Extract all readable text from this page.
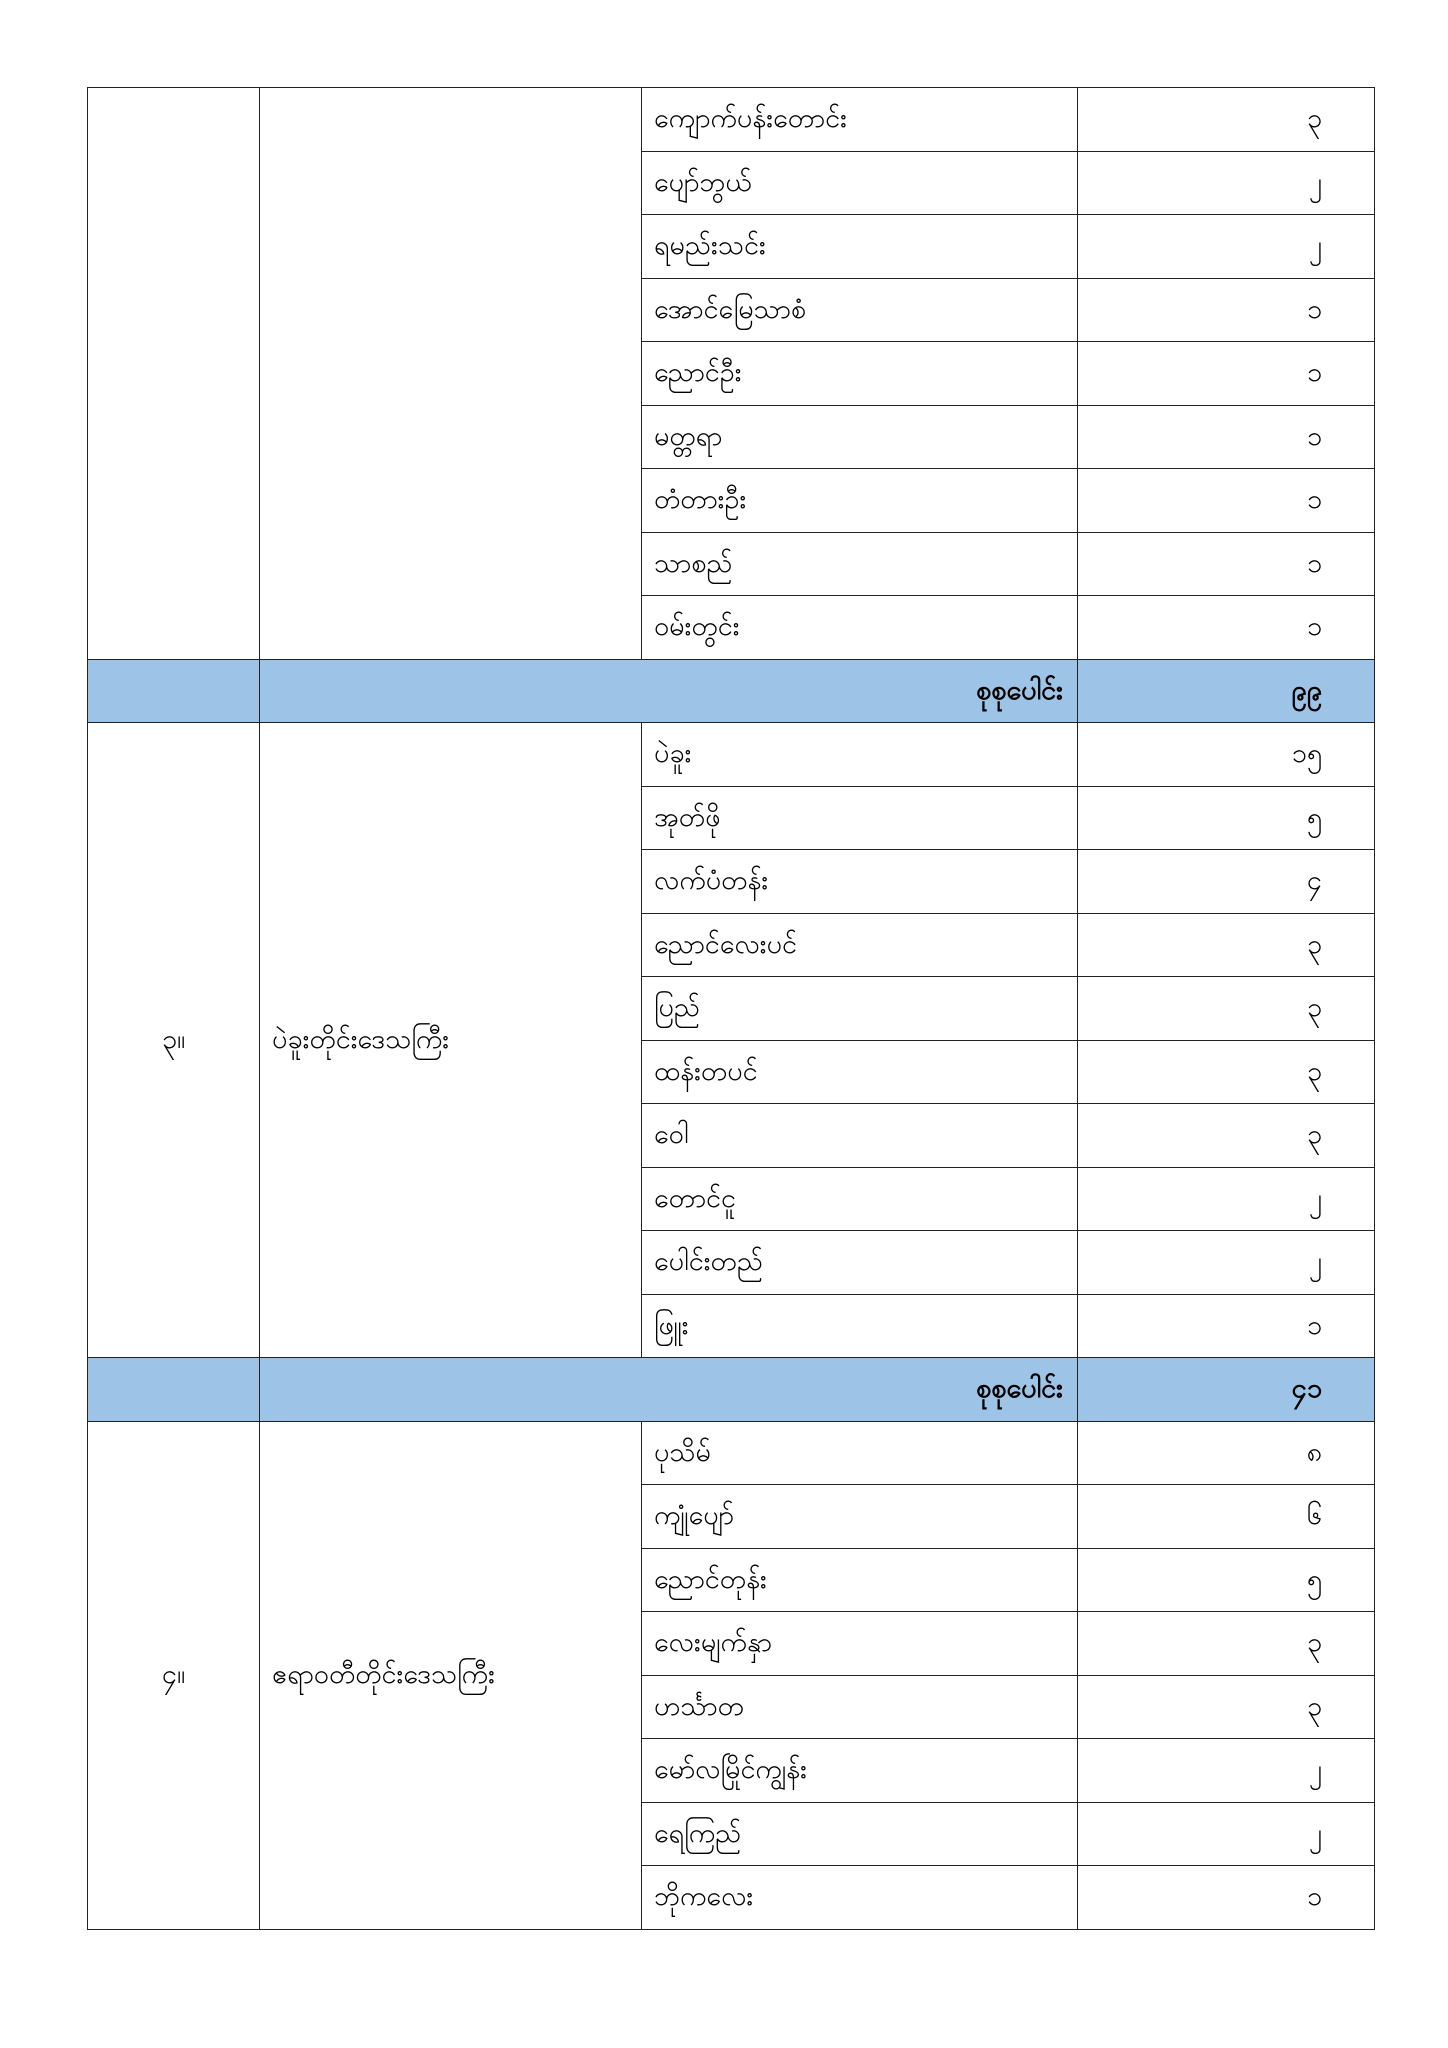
		ကျောက်ပန်းတောင်း	၃
		ပျော်ဘွယ်	၂
		ရမည်းသင်း	၂
		အောင်မြေသာစံ	၁
		ညောင်ဦး	၁
		မတ္တရာ	၁
		တံတားဦး	၁
		သာစည်	၁
		ဝမ်းတွင်း	၁
	စုစုပေါင်း		၉၉
၃။	ပဲခူးတိုင်းဒေသကြီး	ပဲခူး	၁၅
		အုတ်ဖို	၅
		လက်ပံတန်း	၄
		ညောင်လေးပင်	၃
		ပြည်	၃
		ထန်းတပင်	၃
		ဝေါ	၃
		တောင်ငူ	၂
		ပေါင်းတည်	၂
		ဖြူး	၁
	စုစုပေါင်း		၄၁
၄။	ဧရာဝတီတိုင်းဒေသကြီး	ပုသိမ်	၈
		ကျုံပျော်	၆
		ညောင်တုန်း	၅
		လေးမျက်နှာ	၃
		ဟင်္သာတ	၃
		မော်လမြိုင်ကျွန်း	၂
		ရေကြည်	၂
		ဘိုကလေး	၁
